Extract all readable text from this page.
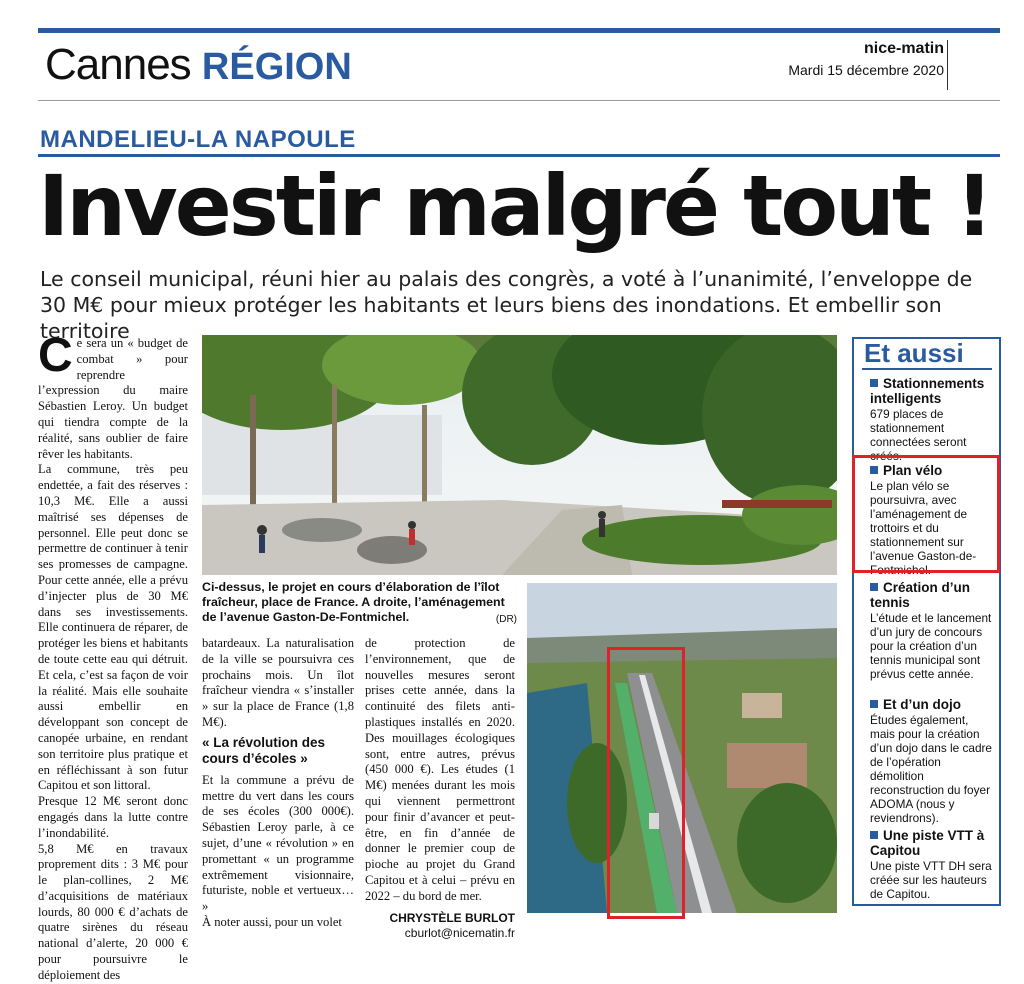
Cannes RÉGION	nice-matin
Mardi 15 décembre 2020
MANDELIEU-LA NAPOULE
Investir malgré tout !
Le conseil municipal, réuni hier au palais des congrès, a voté à l’unanimité, l’enveloppe de 30 M€ pour mieux protéger les habitants et leurs biens des inondations. Et embellir son territoire
C e sera un « budget de combat » pour reprendre l’expression du maire Sébastien Leroy. Un budget qui tiendra compte de la réalité, sans oublier de faire rêver les habitants.
La commune, très peu endettée, a fait des réserves : 10,3 M€. Elle a aussi maîtrisé ses dépenses de personnel. Elle peut donc se permettre de continuer à tenir ses promesses de campagne. Pour cette année, elle a prévu d’injecter plus de 30 M€ dans ses investissements. Elle continuera de réparer, de protéger les biens et habitants de toute cette eau qui détruit. Et cela, c’est sa façon de voir la réalité. Mais elle souhaite aussi embellir en développant son concept de canopée urbaine, en rendant son territoire plus pratique et en réfléchissant à son futur Capitou et son littoral.
Presque 12 M€ seront donc engagés dans la lutte contre l’inondabilité.
5,8 M€ en travaux proprement dits : 3 M€ pour le plan-collines, 2 M€ d’acquisitions de matériaux lourds, 80 000 € d’achats de quatre sirènes du réseau national d’alerte, 20 000 € pour poursuivre le déploiement des
Ci-dessus, le projet en cours d’élaboration de l’îlot fraîcheur, place de France. A droite, l’aménagement de l’avenue Gaston-De-Fontmichel.	(DR)
batardeaux. La naturalisation de la ville se poursuivra ces prochains mois. Un îlot fraîcheur viendra « s’installer » sur la place de France (1,8 M€).
« La révolution des cours d’écoles »
Et la commune a prévu de mettre du vert dans les cours de ses écoles (300 000€). Sébastien Leroy parle, à ce sujet, d’une « révolution » en promettant « un programme extrêmement visionnaire, futuriste, noble et vertueux… »
À noter aussi, pour un volet
de protection de l’environnement, que de nouvelles mesures seront prises cette année, dans la continuité des filets anti-plastiques installés en 2020. Des mouillages écologiques sont, entre autres, prévus (450 000 €). Les études (1 M€) menées durant les mois qui viennent permettront pour finir d’avancer et peut-être, en fin d’année de donner le premier coup de pioche au projet du Grand Capitou et à celui – prévu en 2022 – du bord de mer.
CHRYSTÈLE BURLOT
cburlot@nicematin.fr
Et aussi
Stationnements intelligents

679 places de stationnement connectées seront créés.

Plan vélo

Le plan vélo se poursuivra, avec l’aménagement de trottoirs et du stationnement sur l’avenue Gaston-de-Fontmichel.

Création d’un tennis

L’étude et le lancement d’un jury de concours pour la création d’un tennis municipal sont prévus cette année.

Et d’un dojo

Études également, mais pour la création d’un dojo dans le cadre de l’opération démolition reconstruction du foyer ADOMA (nous y reviendrons).

Une piste VTT à Capitou

Une piste VTT DH sera créée sur les hauteurs de Capitou.
